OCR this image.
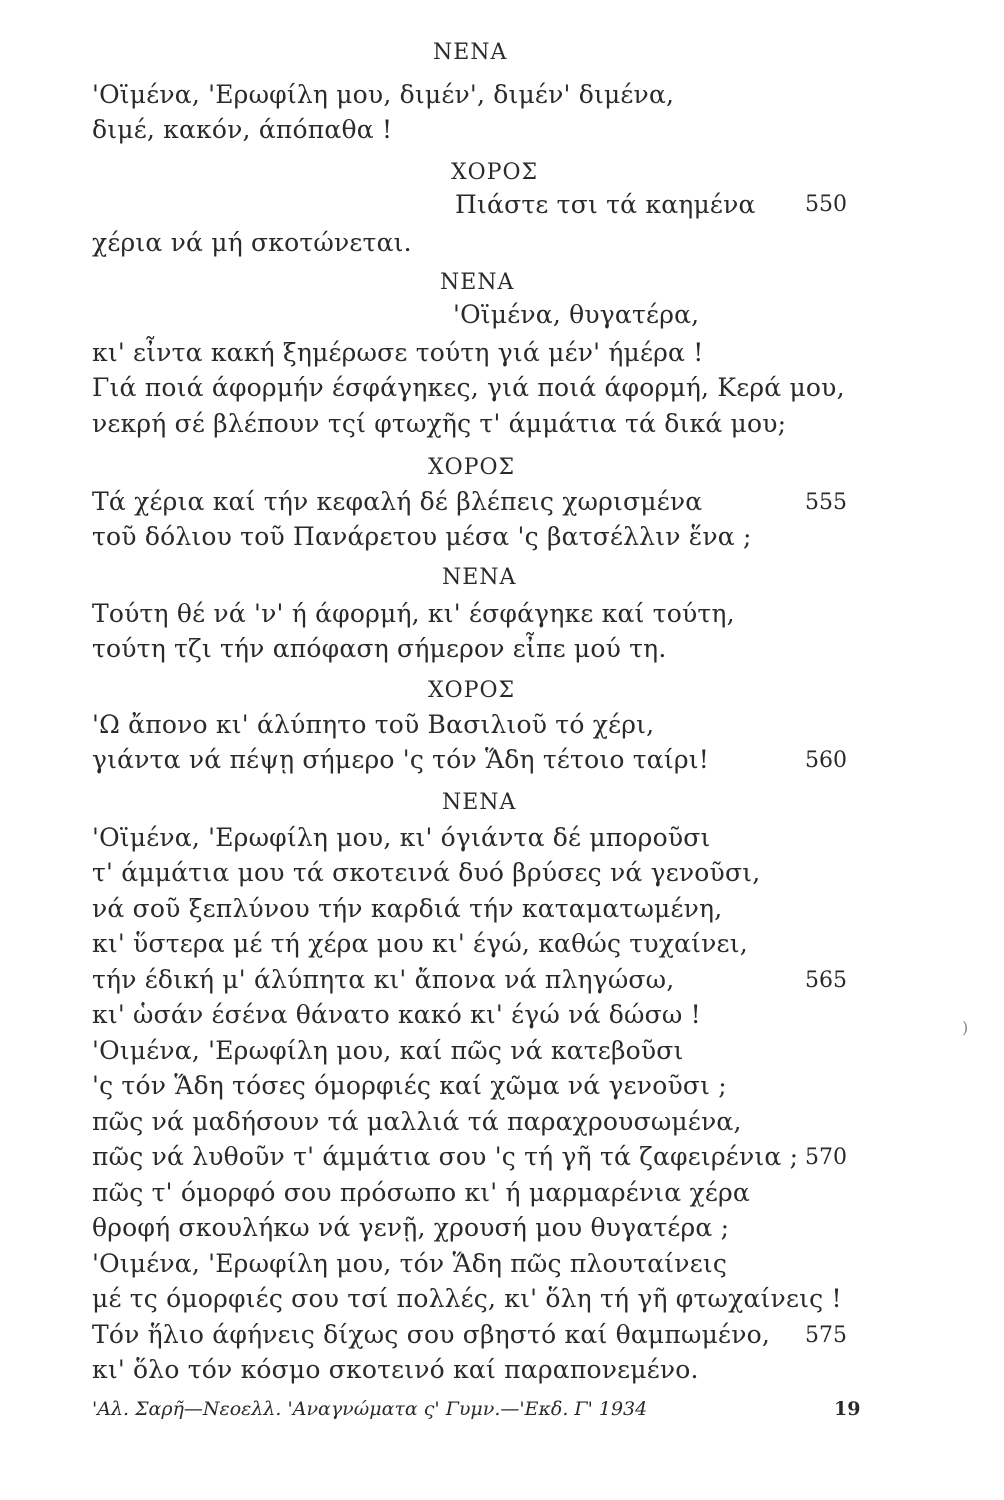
ΝΕΝΑ
'Οϊμένα, 'Ερωφίλη μου, διμέν', διμέν' διμένα,
διμέ, κακόν, άπόπαθα !
ΧΟΡΟΣ
Πιάστε τσι τά καημένα 550
χέρια νά μή σκοτώνεται.
ΝΕΝΑ
'Οϊμένα, θυγατέρα,
κι' εἶντα κακή ξημέρωσε τούτη γιά μέν' ήμέρα !
Γιά ποιά άφορμήν έσφάγηκες, γιά ποιά άφορμή, Κερά μου,
νεκρή σέ βλέπουν τςί φτωχῆς τ' άμμάτια τά δικά μου;
ΧΟΡΟΣ
Τά χέρια καί τήν κεφαλή δέ βλέπεις χωρισμένα	555
τοῦ δόλιου τοῦ Πανάρετου μέσα 'ς βατσέλλιν ἕνα ;
ΝΕΝΑ
Τούτη θέ νά 'ν' ή άφορμή, κι' έσφάγηκε καί τούτη,
τούτη τζι τήν απόφαση σήμερον εἶπε μού τη.
ΧΟΡΟΣ
'Ω ἄπονο κι' άλύπητο τοῦ Βασιλιοῦ τό χέρι,
γιάντα νά πέψῃ σήμερο 'ς τόν Ἅδη τέτοιο ταίρι!	560
ΝΕΝΑ
'Οϊμένα, 'Ερωφίλη μου, κι' όγιάντα δέ μποροῦσι
τ' άμμάτια μου τά σκοτεινά δυό βρύσες νά γενοῦσι,
νά σοῦ ξεπλύνου τήν καρδιά τήν καταματωμένη,
κι' ὕστερα μέ τή χέρα μου κι' έγώ, καθώς τυχαίνει,
τήν έδική μ' άλύπητα κι' ἄπονα νά πληγώσω,	565
κι' ὡσάν έσένα θάνατο κακό κι' έγώ νά δώσω !	)
'Οιμένα, 'Ερωφίλη μου, καί πῶς νά κατεβοῦσι
'ς τόν Ἅδη τόσες όμορφιές καί χῶμα νά γενοῦσι ;
πῶς νά μαδήσουν τά μαλλιά τά παραχρουσωμένα,
πῶς νά λυθοῦν τ' άμμάτια σου 'ς τή γῆ τά ζαφειρένια ; 570
πῶς τ' όμορφό σου πρόσωπο κι' ή μαρμαρένια χέρα
θροφή σκουλήκω νά γενῇ, χρουσή μου θυγατέρα ;
'Οιμένα, 'Ερωφίλη μου, τόν Ἅδη πῶς πλουταίνεις
μέ τς όμορφιές σου τσί πολλές, κι' ὅλη τή γῆ φτωχαίνεις !
Τόν ἥλιο άφήνεις δίχως σου σβηστό καί θαμπωμένο, 575
κι' ὅλο τόν κόσμο σκοτεινό καί παραπονεμένο.
'Αλ. Σαρῆ—Νεοελλ. 'Αναγνώματα ς' Γυμν.—'Εκδ. Γ' 1934	19
